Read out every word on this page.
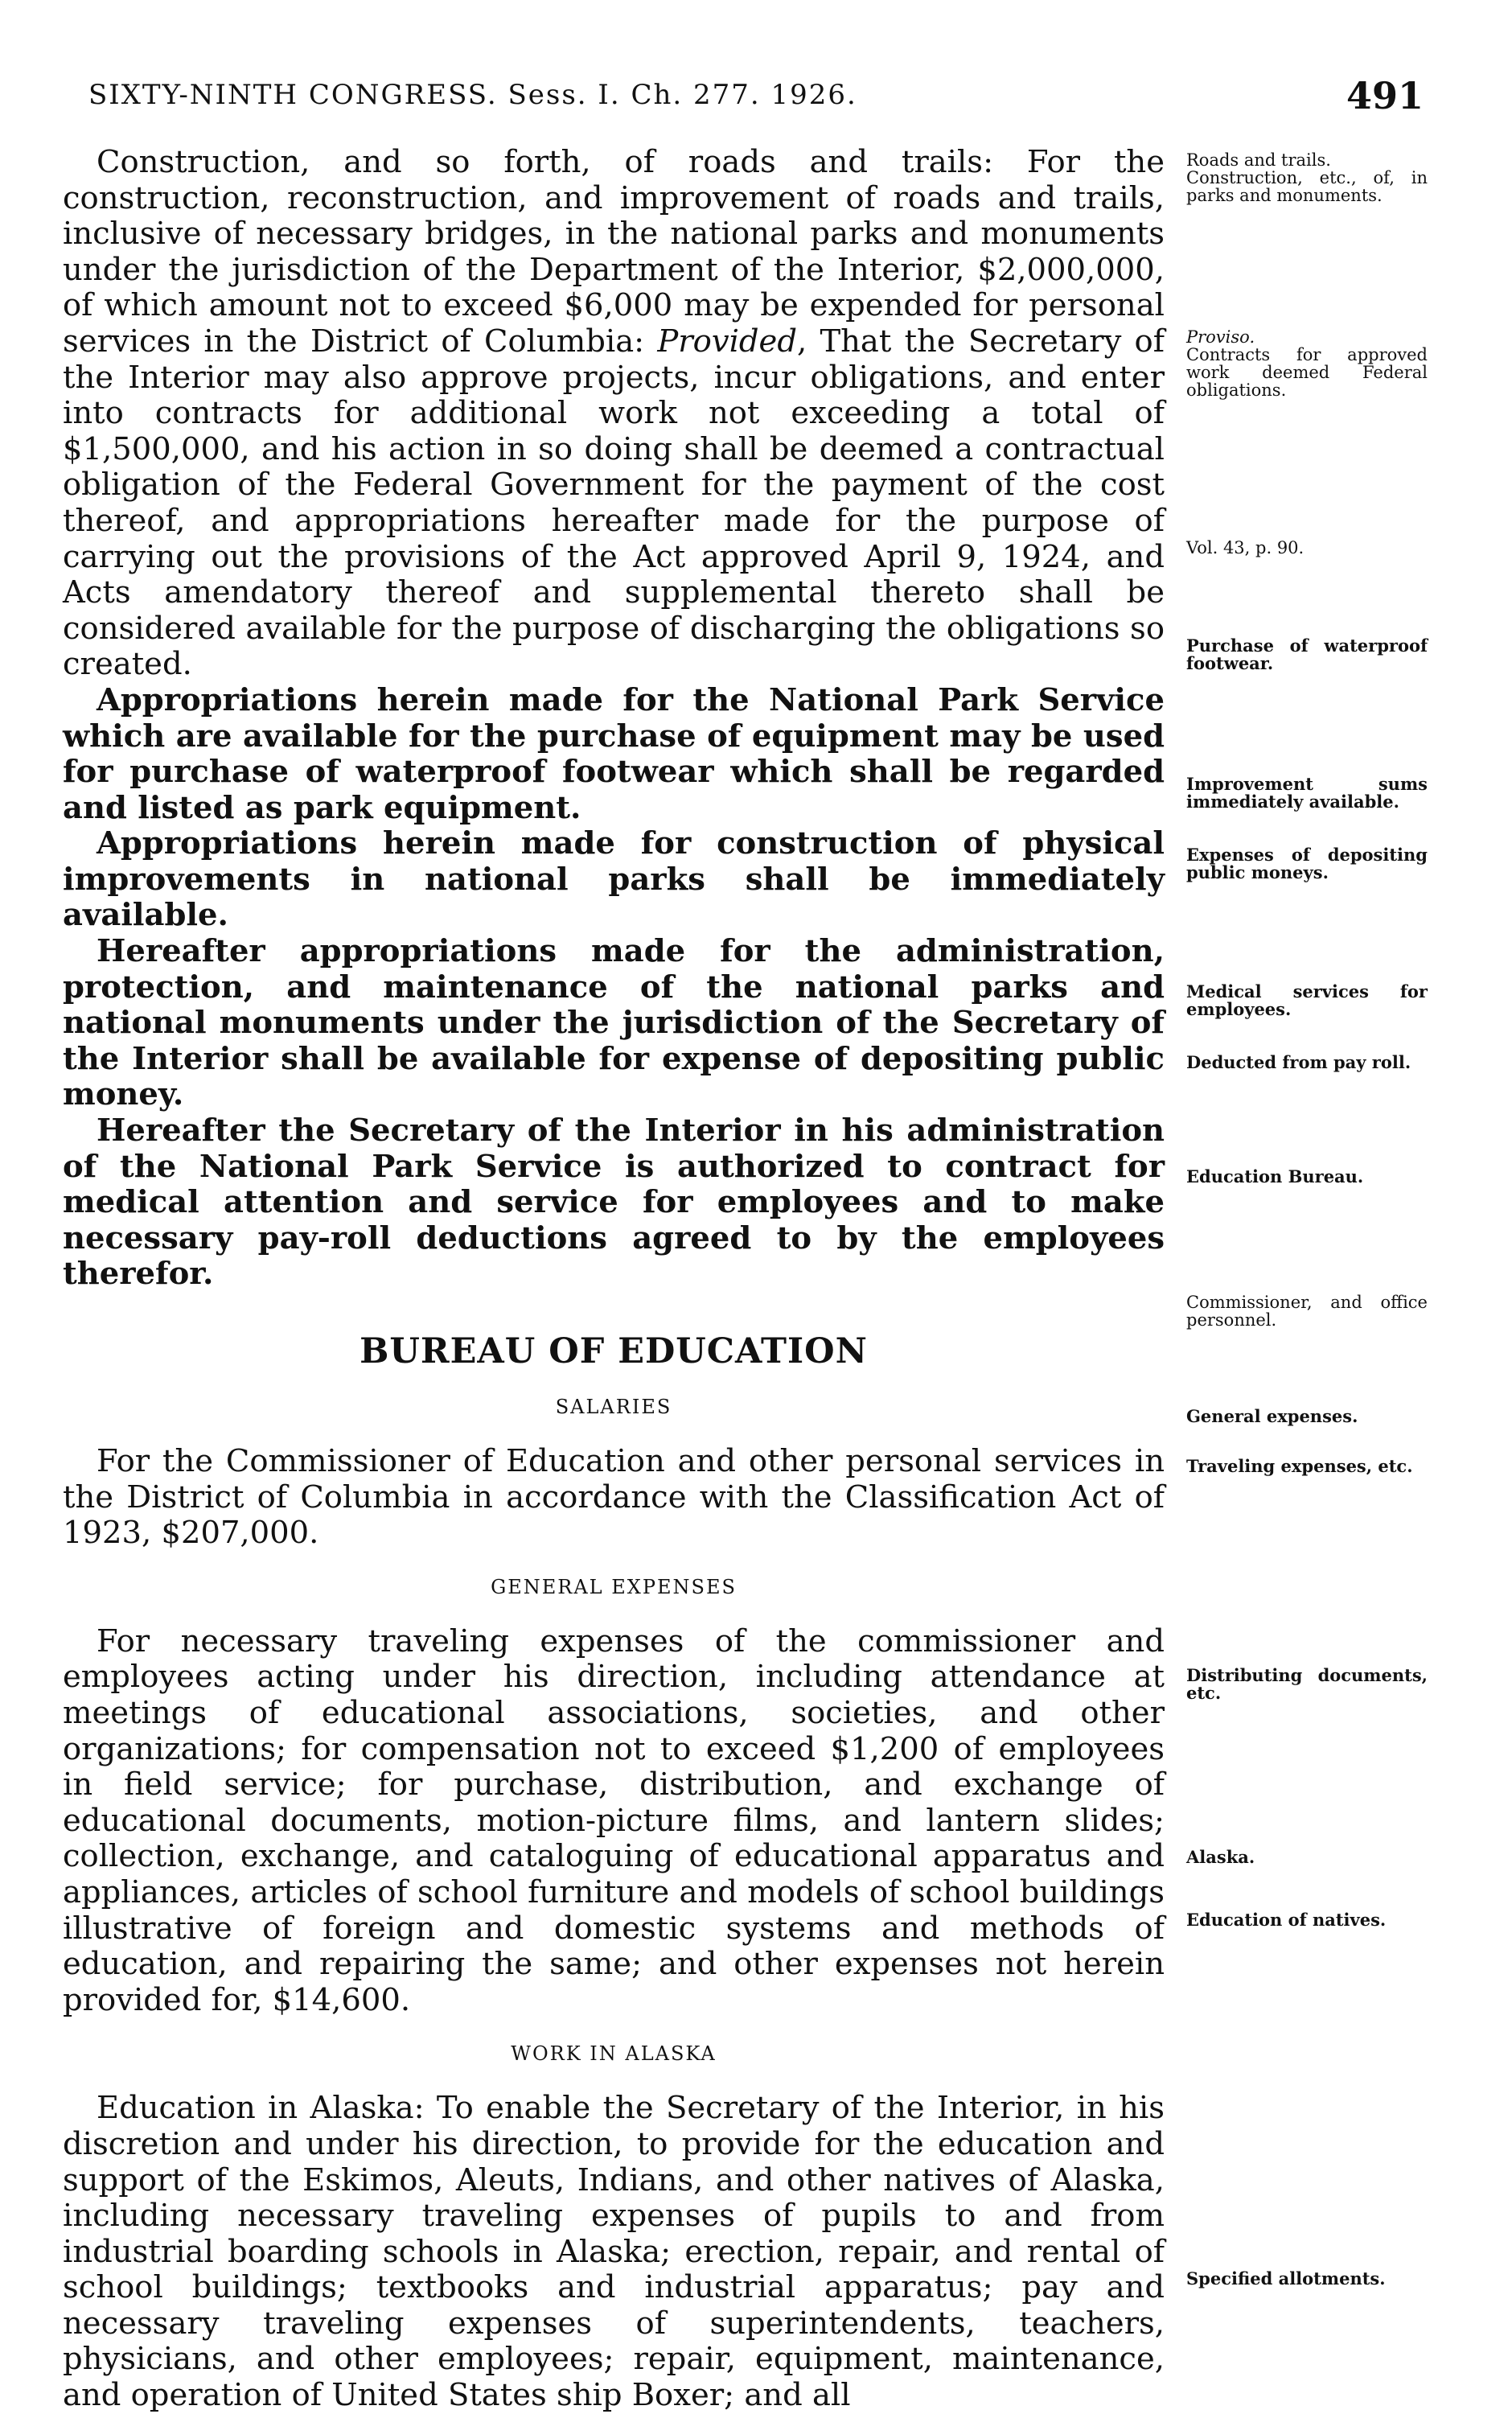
SIXTY-NINTH CONGRESS. Sess. I. Ch. 277. 1926.	491

Construction, and so forth, of roads and trails: For the construction, reconstruction, and improvement of roads and trails, inclusive of necessary bridges, in the national parks and monuments under the jurisdiction of the Department of the Interior, $2,000,000, of which amount not to exceed $6,000 may be expended for personal services in the District of Columbia: Provided, That the Secretary of the Interior may also approve projects, incur obligations, and enter into contracts for additional work not exceeding a total of $1,500,000, and his action in so doing shall be deemed a contractual obligation of the Federal Government for the payment of the cost thereof, and appropriations hereafter made for the purpose of carrying out the provisions of the Act approved April 9, 1924, and Acts amendatory thereof and supplemental thereto shall be considered available for the purpose of discharging the obligations so created.

Appropriations herein made for the National Park Service which are available for the purchase of equipment may be used for purchase of waterproof footwear which shall be regarded and listed as park equipment.

Appropriations herein made for construction of physical improvements in national parks shall be immediately available.

Hereafter appropriations made for the administration, protection, and maintenance of the national parks and national monuments under the jurisdiction of the Secretary of the Interior shall be available for expense of depositing public money.

Hereafter the Secretary of the Interior in his administration of the National Park Service is authorized to contract for medical attention and service for employees and to make necessary pay-roll deductions agreed to by the employees therefor.

BUREAU OF EDUCATION
SALARIES

For the Commissioner of Education and other personal services in the District of Columbia in accordance with the Classification Act of 1923, $207,000.

GENERAL EXPENSES

For necessary traveling expenses of the commissioner and employees acting under his direction, including attendance at meetings of educational associations, societies, and other organizations; for compensation not to exceed $1,200 of employees in field service; for purchase, distribution, and exchange of educational documents, motion-picture films, and lantern slides; collection, exchange, and cataloguing of educational apparatus and appliances, articles of school furniture and models of school buildings illustrative of foreign and domestic systems and methods of education, and repairing the same; and other expenses not herein provided for, $14,600.

WORK IN ALASKA

Education in Alaska: To enable the Secretary of the Interior, in his discretion and under his direction, to provide for the education and support of the Eskimos, Aleuts, Indians, and other natives of Alaska, including necessary traveling expenses of pupils to and from industrial boarding schools in Alaska; erection, repair, and rental of school buildings; textbooks and industrial apparatus; pay and necessary traveling expenses of superintendents, teachers, physicians, and other employees; repair, equipment, maintenance, and operation of United States ship Boxer; and all

Roads and trails.
Construction, etc., of, in parks and monuments.
Proviso.
Contracts for approved work deemed Federal obligations.
Vol. 43, p. 90.
Purchase of waterproof footwear.
Improvement sums immediately available.
Expenses of depositing public moneys.
Medical services for employees.
Deducted from pay roll.
Education Bureau.
Commissioner, and office personnel.
General expenses.
Traveling expenses, etc.
Distributing documents, etc.
Alaska.
Education of natives.
Specified allotments.
